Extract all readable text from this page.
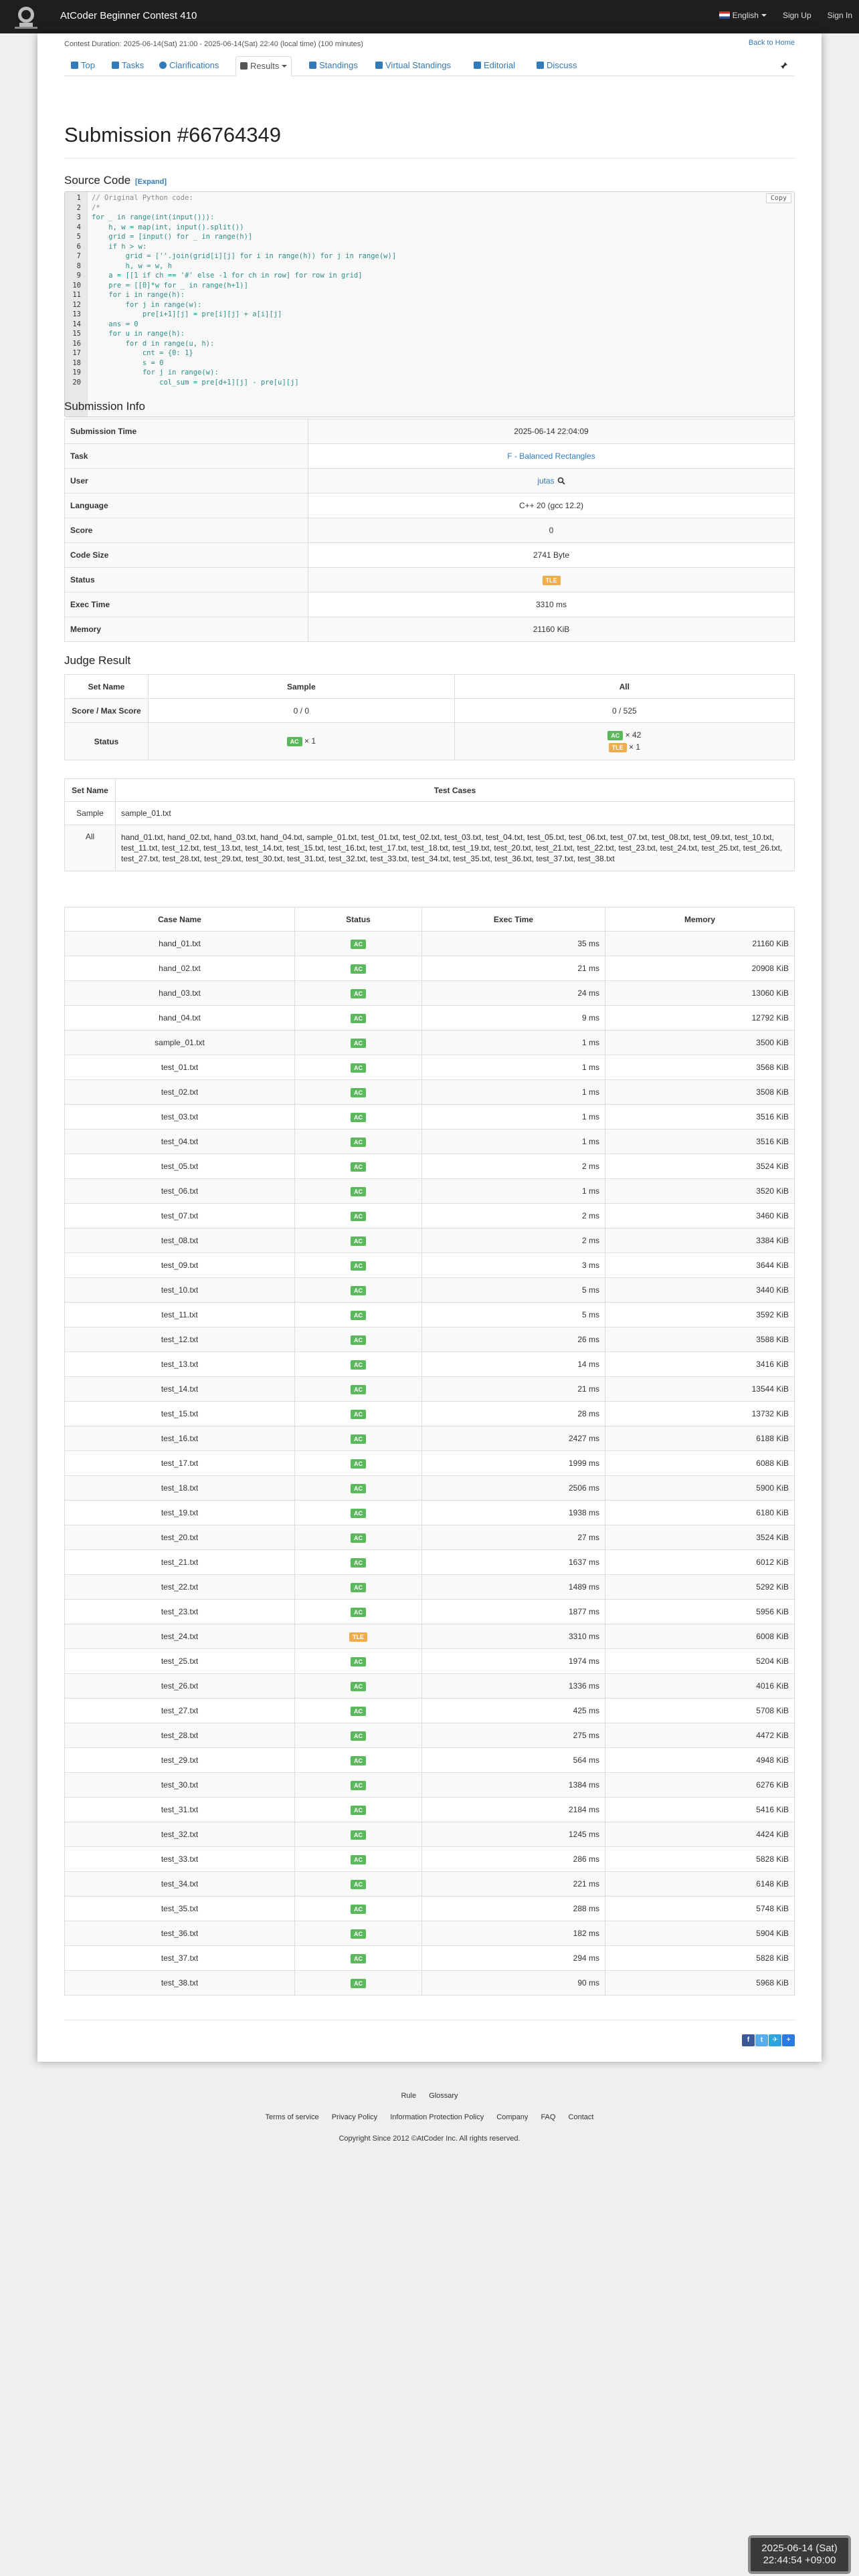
AtCoder Beginner Contest 410	English	Sign Up Sign In
Contest Duration: 2025-06-14(Sat) 21:00 - 2025-06-14(Sat) 22:40 (local time) (100 minutes)	Back to Home
Top	Tasks	Clarifications	Results	Standings	Virtual Standings	Editorial	Discuss
Submission #66764349
Source Code [Expand]
1 // Original Python code:
2 /*
3 for _ in range(int(input())):
4 h, w = map(int, input().split())
5 grid = [input() for _ in range(h)]
6 if h > w:
7 grid = [''.join(grid[i][j] for i in range(h)) for j in range(w)]
8 h, w = w, h
9 a = [[1 if ch == '#' else -1 for ch in row] for row in grid]
10 pre = [[0]*w for _ in range(h+1)]
11 for i in range(h):
12 for j in range(w):
13 pre[i+1][j] = pre[i][j] + a[i][j]
14 ans = 0
15 for u in range(h):
16 for d in range(u, h):
17 cnt = {0: 1}
18 s = 0
19 for j in range(w):
20 col_sum = pre[d+1][j] - pre[u][j]
Copy
Submission Info
Submission Time	2025-06-14 22:04:09
Task	F - Balanced Rectangles
User	jutas
Language	C++ 20 (gcc 12.2)
Score	0
Code Size	2741 Byte
Status	TLE
Exec Time	3310 ms
Memory	21160 KiB
Judge Result
Set Name	Sample	All
Score / Max Score	0 / 0	0 / 525
Status	AC × 1	AC × 42
TLE × 1
Set Name	Test Cases
Sample	sample_01.txt
All	hand_01.txt, hand_02.txt, hand_03.txt, hand_04.txt, sample_01.txt, test_01.txt, test_02.txt, test_03.txt, test_04.txt, test_05.txt, test_06.txt, test_07.txt, test_08.txt, test_09.txt, test_10.txt, test_11.txt, test_12.txt, test_13.txt, test_14.txt, test_15.txt, test_16.txt, test_17.txt, test_18.txt, test_19.txt, test_20.txt, test_21.txt, test_22.txt, test_23.txt, test_24.txt, test_25.txt, test_26.txt, test_27.txt, test_28.txt, test_29.txt, test_30.txt, test_31.txt, test_32.txt, test_33.txt, test_34.txt, test_35.txt, test_36.txt, test_37.txt, test_38.txt
Case Name	Status	Exec Time	Memory
hand_01.txt	AC	35 ms	21160 KiB
hand_02.txt	AC	21 ms	20908 KiB
hand_03.txt	AC	24 ms	13060 KiB
hand_04.txt	AC	9 ms	12792 KiB
sample_01.txt	AC	1 ms	3500 KiB
test_01.txt	AC	1 ms	3568 KiB
test_02.txt	AC	1 ms	3508 KiB
test_03.txt	AC	1 ms	3516 KiB
test_04.txt	AC	1 ms	3516 KiB
test_05.txt	AC	2 ms	3524 KiB
test_06.txt	AC	1 ms	3520 KiB
test_07.txt	AC	2 ms	3460 KiB
test_08.txt	AC	2 ms	3384 KiB
test_09.txt	AC	3 ms	3644 KiB
test_10.txt	AC	5 ms	3440 KiB
test_11.txt	AC	5 ms	3592 KiB
test_12.txt	AC	26 ms	3588 KiB
test_13.txt	AC	14 ms	3416 KiB
test_14.txt	AC	21 ms	13544 KiB
test_15.txt	AC	28 ms	13732 KiB
test_16.txt	AC	2427 ms	6188 KiB
test_17.txt	AC	1999 ms	6088 KiB
test_18.txt	AC	2506 ms	5900 KiB
test_19.txt	AC	1938 ms	6180 KiB
test_20.txt	AC	27 ms	3524 KiB
test_21.txt	AC	1637 ms	6012 KiB
test_22.txt	AC	1489 ms	5292 KiB
test_23.txt	AC	1877 ms	5956 KiB
test_24.txt	TLE	3310 ms	6008 KiB
test_25.txt	AC	1974 ms	5204 KiB
test_26.txt	AC	1336 ms	4016 KiB
test_27.txt	AC	425 ms	5708 KiB
test_28.txt	AC	275 ms	4472 KiB
test_29.txt	AC	564 ms	4948 KiB
test_30.txt	AC	1384 ms	6276 KiB
test_31.txt	AC	2184 ms	5416 KiB
test_32.txt	AC	1245 ms	4424 KiB
test_33.txt	AC	286 ms	5828 KiB
test_34.txt	AC	221 ms	6148 KiB
test_35.txt	AC	288 ms	5748 KiB
test_36.txt	AC	182 ms	5904 KiB
test_37.txt	AC	294 ms	5828 KiB
test_38.txt	AC	90 ms	5968 KiB
f	t	✈	+
Rule Glossary
Terms of service Privacy Policy Information Protection Policy Company FAQ Contact
Copyright Since 2012 ©AtCoder Inc. All rights reserved.
2025-06-14 (Sat)
22:44:54 +09:00
